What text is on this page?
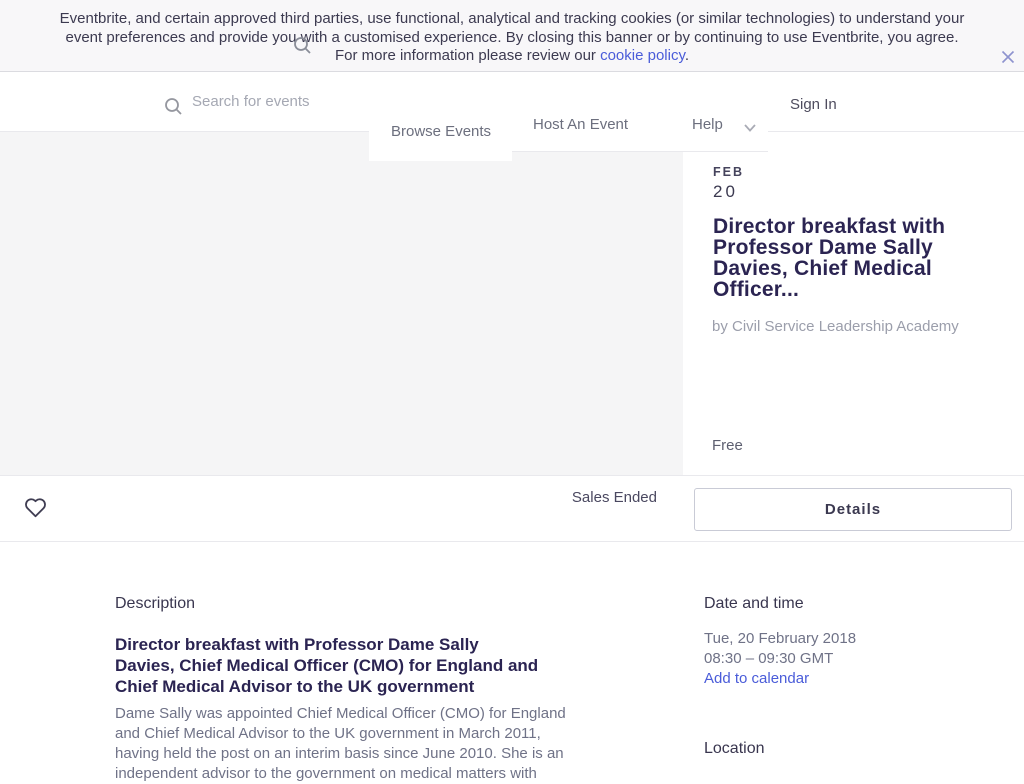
Eventbrite, and certain approved third parties, use functional, analytical and tracking cookies (or similar technologies) to understand your
event preferences and provide you with a customised experience. By closing this banner or by continuing to use Eventbrite, you agree.
For more information please review our cookie policy.
Search for events
Sign In
Host An Event	Help
Browse Events
FEB
20
Director breakfast with
Professor Dame Sally
Davies, Chief Medical
Officer...
by Civil Service Leadership Academy
Free
Sales Ended
Details
Description
Director breakfast with Professor Dame Sally
Davies, Chief Medical Officer (CMO) for England and
Chief Medical Advisor to the UK government

Dame Sally was appointed Chief Medical Officer (CMO) for England
and Chief Medical Advisor to the UK government in March 2011,
having held the post on an interim basis since June 2010. She is an
independent advisor to the government on medical matters with

Date and time
Tue, 20 February 2018
08:30 – 09:30 GMT
Add to calendar
Location
